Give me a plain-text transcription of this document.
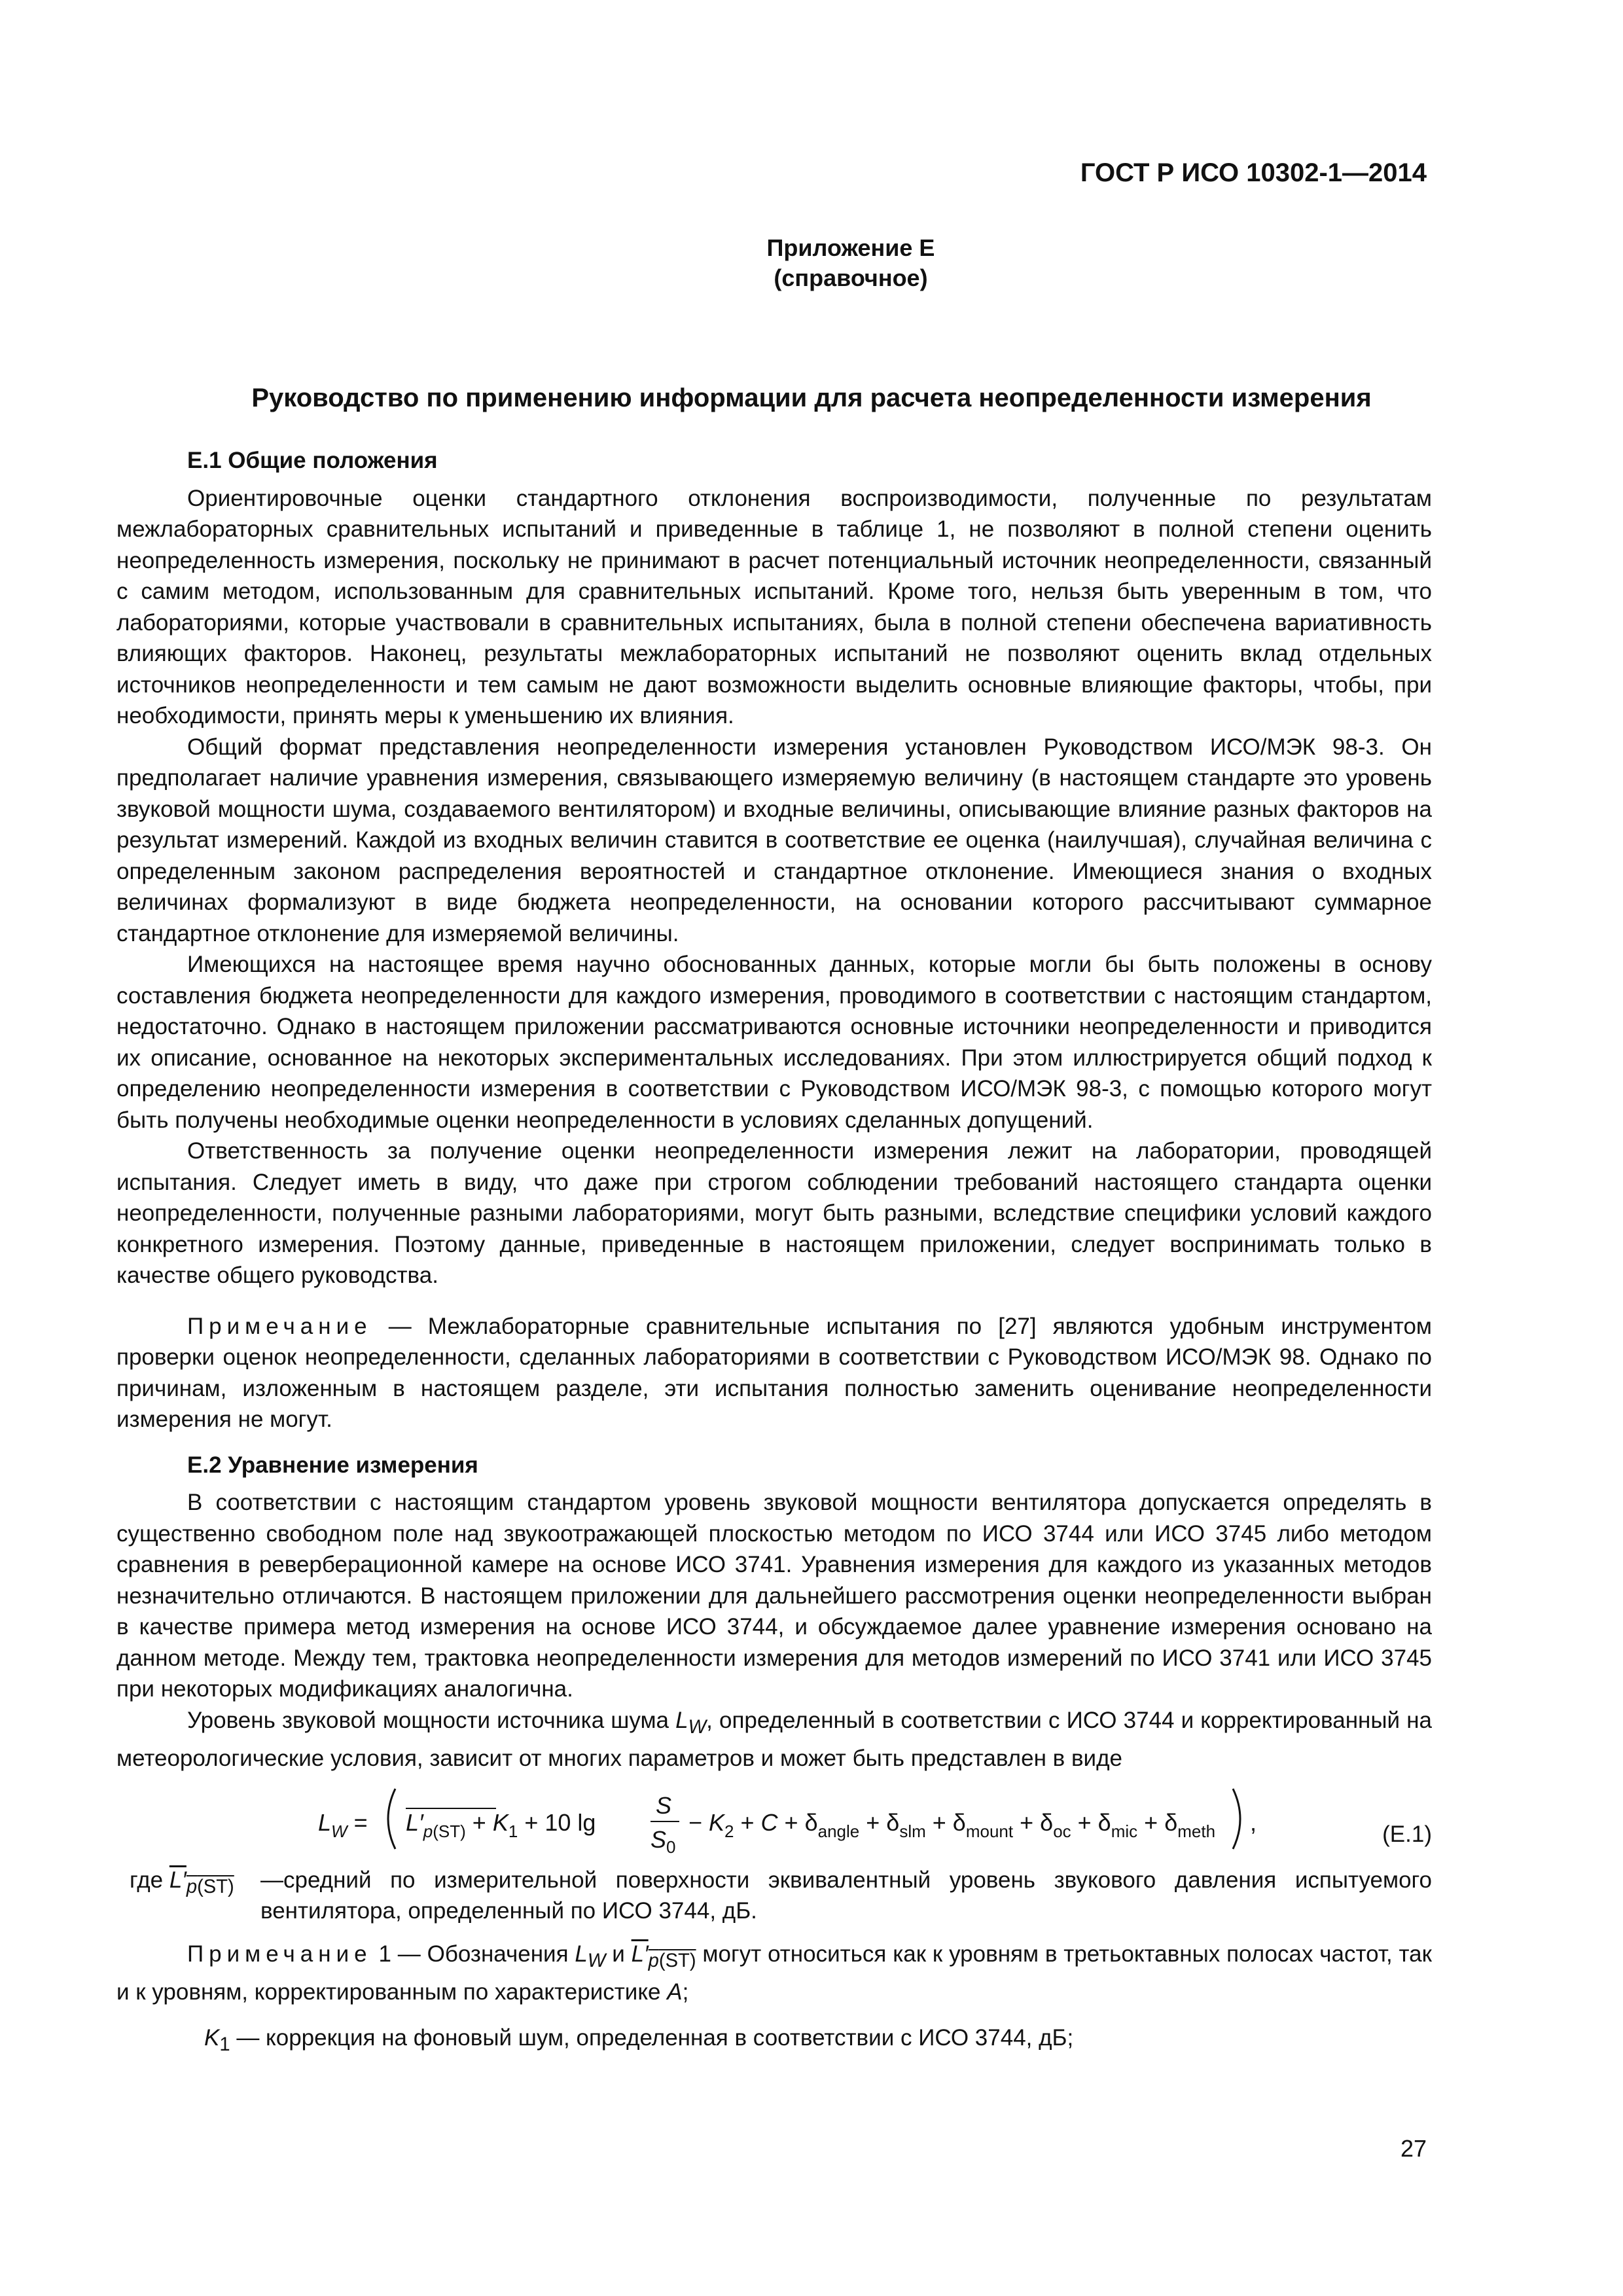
ГОСТ Р ИСО 10302-1—2014
Приложение Е
(справочное)
Руководство по применению информации для расчета неопределенности измерения
Е.1 Общие положения

Ориентировочные оценки стандартного отклонения воспроизводимости, полученные по результатам межлабораторных сравнительных испытаний и приведенные в таблице 1, не позволяют в полной степени оценить неопределенность измерения, поскольку не принимают в расчет потенциальный источник неопределенности, связанный с самим методом, использованным для сравнительных испытаний. Кроме того, нельзя быть уверенным в том, что лабораториями, которые участвовали в сравнительных испытаниях, была в полной степени обеспечена вариативность влияющих факторов. Наконец, результаты межлабораторных испытаний не позволяют оценить вклад отдельных источников неопределенности и тем самым не дают возможности выделить основные влияющие факторы, чтобы, при необходимости, принять меры к уменьшению их влияния.

Общий формат представления неопределенности измерения установлен Руководством ИСО/МЭК 98-3. Он предполагает наличие уравнения измерения, связывающего измеряемую величину (в настоящем стандарте это уровень звуковой мощности шума, создаваемого вентилятором) и входные величины, описывающие влияние разных факторов на результат измерений. Каждой из входных величин ставится в соответствие ее оценка (наилучшая), случайная величина с определенным законом распределения вероятностей и стандартное отклонение. Имеющиеся знания о входных величинах формализуют в виде бюджета неопределенности, на основании которого рассчитывают суммарное стандартное отклонение для измеряемой величины.

Имеющихся на настоящее время научно обоснованных данных, которые могли бы быть положены в основу составления бюджета неопределенности для каждого измерения, проводимого в соответствии с настоящим стандартом, недостаточно. Однако в настоящем приложении рассматриваются основные источники неопределенности и приводится их описание, основанное на некоторых экспериментальных исследованиях. При этом иллюстрируется общий подход к определению неопределенности измерения в соответствии с Руководством ИСО/МЭК 98-3, с помощью которого могут быть получены необходимые оценки неопределенности в условиях сделанных допущений.

Ответственность за получение оценки неопределенности измерения лежит на лаборатории, проводящей испытания. Следует иметь в виду, что даже при строгом соблюдении требований настоящего стандарта оценки неопределенности, полученные разными лабораториями, могут быть разными, вследствие специфики условий каждого конкретного измерения. Поэтому данные, приведенные в настоящем приложении, следует воспринимать только в качестве общего руководства.

Примечание — Межлабораторные сравнительные испытания по [27] являются удобным инструментом проверки оценок неопределенности, сделанных лабораториями в соответствии с Руководством ИСО/МЭК 98. Однако по причинам, изложенным в настоящем разделе, эти испытания полностью заменить оценивание неопределенности измерения не могут.

Е.2 Уравнение измерения

В соответствии с настоящим стандартом уровень звуковой мощности вентилятора допускается определять в существенно свободном поле над звукоотражающей плоскостью методом по ИСО 3744 или ИСО 3745 либо методом сравнения в реверберационной камере на основе ИСО 3741. Уравнения измерения для каждого из указанных методов незначительно отличаются. В настоящем приложении для дальнейшего рассмотрения оценки неопределенности выбран в качестве примера метод измерения на основе ИСО 3744, и обсуждаемое далее уравнение измерения основано на данном методе. Между тем, трактовка неопределенности измерения для методов измерений по ИСО 3741 или ИСО 3745 при некоторых модификациях аналогична.

Уровень звуковой мощности источника шума $L_W$, определенный в соответствии с ИСО 3744 и корректированный на метеорологические условия, зависит от многих параметров и может быть представлен в виде

$L_W = L'_{p(ST)} + K_1 + 10$ lg
S
$S_0$
− $K_2 + C + \delta_{angle} + \delta_{slm} + \delta_{mount} + \delta_{oc} + \delta_{mic} + \delta_{meth}$ ,	(Е.1)
где $L'_{p(ST)}$ —средний по измерительной поверхности эквивалентный уровень звукового давления испытуемого вентилятора, определенный по ИСО 3744, дБ.

Примечание 1 — Обозначения $L_W$ и $L'_{p(ST)}$ могут относиться как к уровням в третьоктавных полосах частот, так и к уровням, корректированным по характеристике A;

$K_1$ — коррекция на фоновый шум, определенная в соответствии с ИСО 3744, дБ;
27
